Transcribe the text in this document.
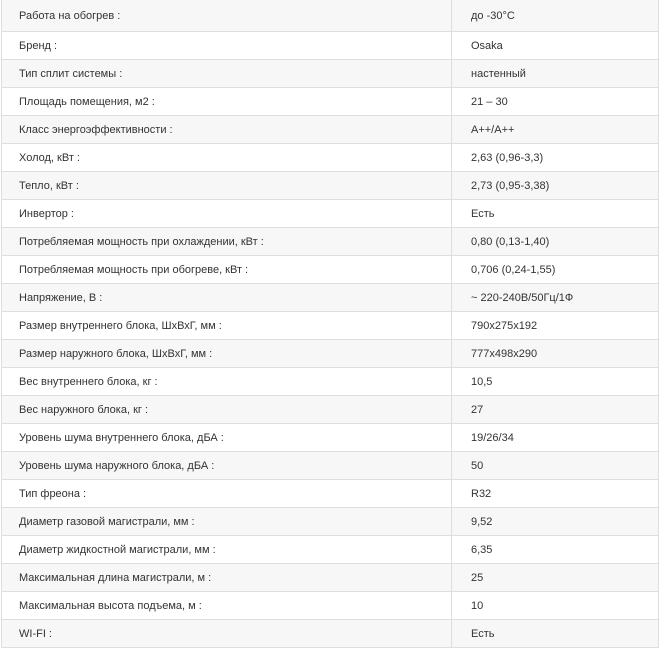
Работа на обогрев :	до -30°С
Бренд :	Osaka
Тип сплит системы :	настенный
Площадь помещения, м2 :	21 – 30
Класс энергоэффективности :	A++/A++
Холод, кВт :	2,63 (0,96-3,3)
Тепло, кВт :	2,73 (0,95-3,38)
Инвертор :	Есть
Потребляемая мощность при охлаждении, кВт :	0,80 (0,13-1,40)
Потребляемая мощность при обогреве, кВт :	0,706 (0,24-1,55)
Напряжение, В :	~ 220-240В/50Гц/1Ф
Размер внутреннего блока, ШхВхГ, мм :	790x275x192
Размер наружного блока, ШхВхГ, мм :	777x498x290
Вес внутреннего блока, кг :	10,5
Вес наружного блока, кг :	27
Уровень шума внутреннего блока, дБА :	19/26/34
Уровень шума наружного блока, дБА :	50
Тип фреона :	R32
Диаметр газовой магистрали, мм :	9,52
Диаметр жидкостной магистрали, мм :	6,35
Максимальная длина магистрали, м :	25
Максимальная высота подъема, м :	10
WI-FI :	Есть
